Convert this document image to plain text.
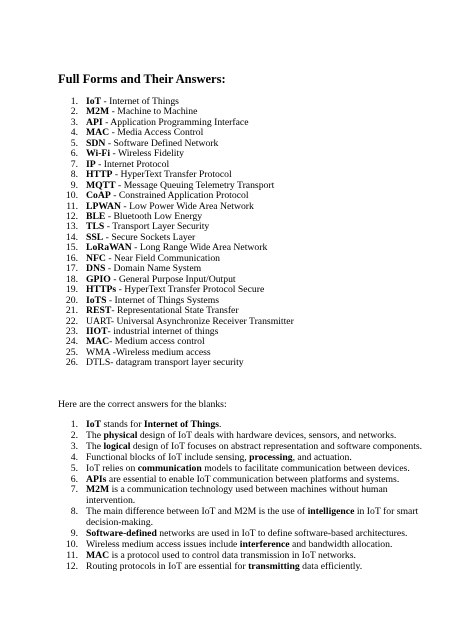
Full Forms and Their Answers:
1. IoT - Internet of Things
2. M2M - Machine to Machine
3. API - Application Programming Interface
4. MAC - Media Access Control
5. SDN - Software Defined Network
6. Wi-Fi - Wireless Fidelity
7. IP - Internet Protocol
8. HTTP - HyperText Transfer Protocol
9. MQTT - Message Queuing Telemetry Transport
10. CoAP - Constrained Application Protocol
11. LPWAN - Low Power Wide Area Network
12. BLE - Bluetooth Low Energy
13. TLS - Transport Layer Security
14. SSL - Secure Sockets Layer
15. LoRaWAN - Long Range Wide Area Network
16. NFC - Near Field Communication
17. DNS - Domain Name System
18. GPIO - General Purpose Input/Output
19. HTTPs - HyperText Transfer Protocol Secure
20. IoTS - Internet of Things Systems
21. REST- Representational State Transfer
22. UART- Universal Asynchronize Receiver Transmitter
23. IIOT- industrial internet of things
24. MAC- Medium access control
25. WMA -Wireless medium access
26. DTLS- datagram transport layer security

Here are the correct answers for the blanks:

1. IoT stands for Internet of Things.
2. The physical design of IoT deals with hardware devices, sensors, and networks.
3. The logical design of IoT focuses on abstract representation and software components.
4. Functional blocks of IoT include sensing, processing, and actuation.
5. IoT relies on communication models to facilitate communication between devices.
6. APIs are essential to enable IoT communication between platforms and systems.
7. M2M is a communication technology used between machines without human intervention.
8. The main difference between IoT and M2M is the use of intelligence in IoT for smart decision-making.
9. Software-defined networks are used in IoT to define software-based architectures.
10. Wireless medium access issues include interference and bandwidth allocation.
11. MAC is a protocol used to control data transmission in IoT networks.
12. Routing protocols in IoT are essential for transmitting data efficiently.
